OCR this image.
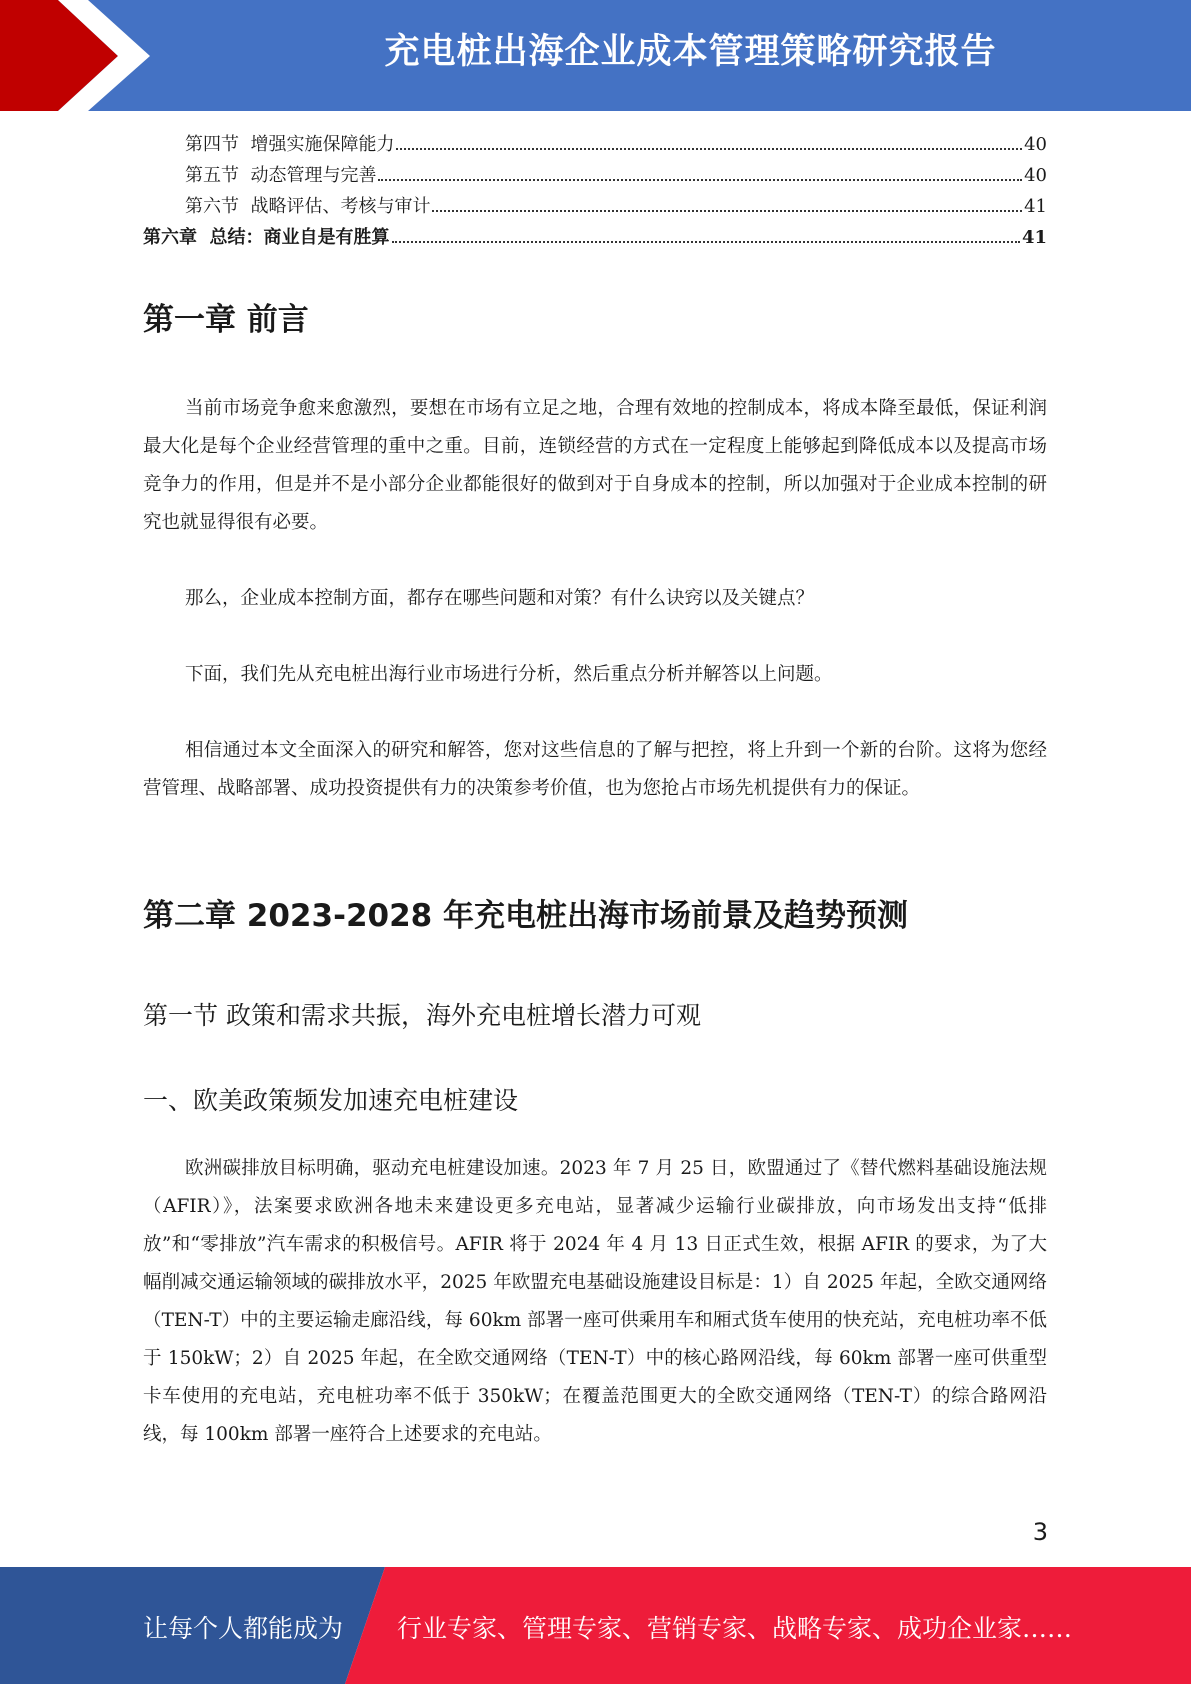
充电桩出海企业成本管理策略研究报告
第四节  增强实施保障能力	40
第五节  动态管理与完善	40
第六节  战略评估、考核与审计	41
第六章  总结：商业自是有胜算	41
第一章 前言
当前市场竞争愈来愈激烈，要想在市场有立足之地，合理有效地的控制成本，将成本降至最低，保证利润最大化是每个企业经营管理的重中之重。目前，连锁经营的方式在一定程度上能够起到降低成本以及提高市场竞争力的作用，但是并不是小部分企业都能很好的做到对于自身成本的控制，所以加强对于企业成本控制的研究也就显得很有必要。
那么，企业成本控制方面，都存在哪些问题和对策？有什么诀窍以及关键点？
下面，我们先从充电桩出海行业市场进行分析，然后重点分析并解答以上问题。
相信通过本文全面深入的研究和解答，您对这些信息的了解与把控，将上升到一个新的台阶。这将为您经营管理、战略部署、成功投资提供有力的决策参考价值，也为您抢占市场先机提供有力的保证。
第二章 2023-2028 年充电桩出海市场前景及趋势预测
第一节 政策和需求共振，海外充电桩增长潜力可观
一、欧美政策频发加速充电桩建设
欧洲碳排放目标明确，驱动充电桩建设加速。2023 年 7 月 25 日，欧盟通过了《替代燃料基础设施法规（AFIR）》，法案要求欧洲各地未来建设更多充电站，显著减少运输行业碳排放，向市场发出支持“低排放”和“零排放”汽车需求的积极信号。AFIR 将于 2024 年 4 月 13 日正式生效，根据 AFIR 的要求，为了大幅削减交通运输领域的碳排放水平，2025 年欧盟充电基础设施建设目标是：1）自 2025 年起，全欧交通网络（TEN-T）中的主要运输走廊沿线，每 60km 部署一座可供乘用车和厢式货车使用的快充站，充电桩功率不低于 150kW；2）自 2025 年起，在全欧交通网络（TEN-T）中的核心路网沿线，每 60km 部署一座可供重型卡车使用的充电站，充电桩功率不低于 350kW；在覆盖范围更大的全欧交通网络（TEN-T）的综合路网沿线，每 100km 部署一座符合上述要求的充电站。
3
让每个人都能成为 行业专家、管理专家、营销专家、战略专家、成功企业家……
